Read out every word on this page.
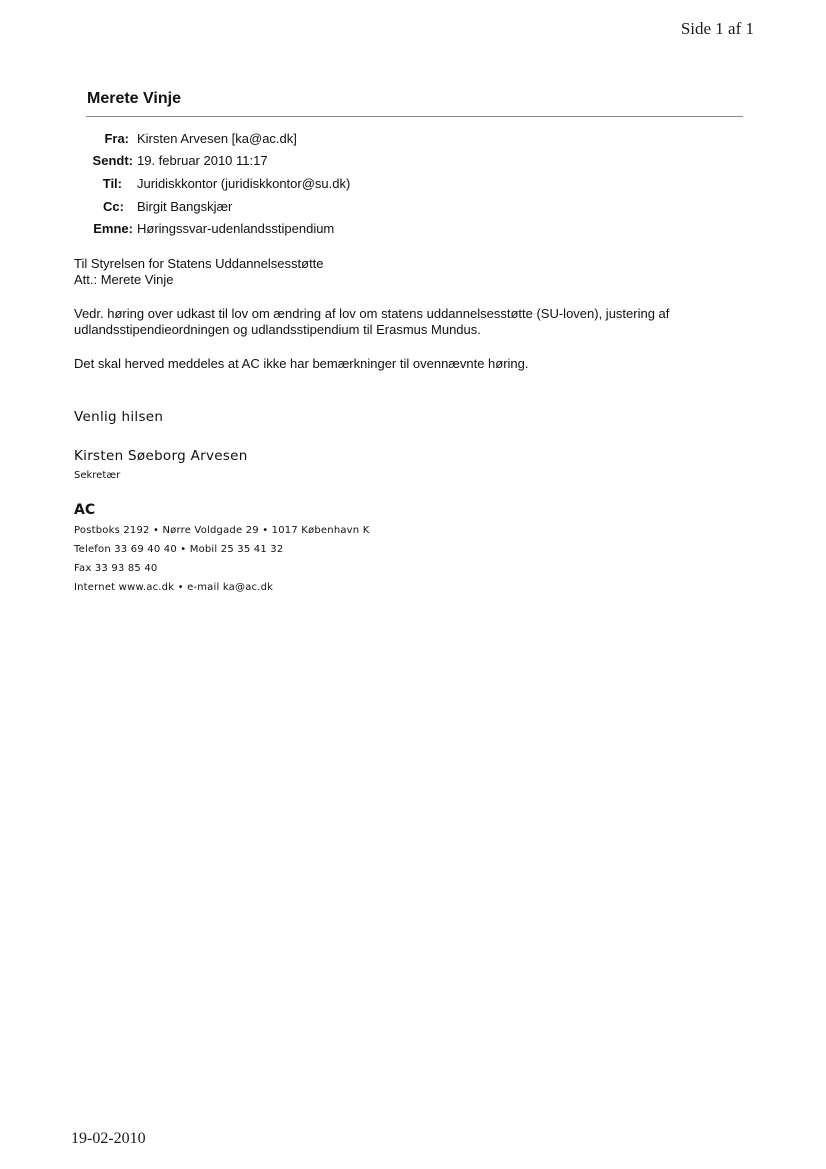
Side 1 af 1
Merete Vinje
Fra: Kirsten Arvesen [ka@ac.dk]
Sendt: 19. februar 2010 11:17
Til: Juridiskkontor (juridiskkontor@su.dk)
Cc: Birgit Bangskjær
Emne: Høringssvar-udenlandsstipendium
Til Styrelsen for Statens Uddannelsesstøtte
Att.: Merete Vinje
Vedr. høring over udkast til lov om ændring af lov om statens uddannelsesstøtte (SU-loven), justering af
udlandsstipendieordningen og udlandsstipendium til Erasmus Mundus.
Det skal herved meddeles at AC ikke har bemærkninger til ovennævnte høring.
Venlig hilsen
Kirsten Søeborg Arvesen
Sekretær
AC
Postboks 2192 • Nørre Voldgade 29 • 1017 København K
Telefon 33 69 40 40 • Mobil 25 35 41 32
Fax 33 93 85 40
Internet www.ac.dk • e-mail ka@ac.dk
19-02-2010
